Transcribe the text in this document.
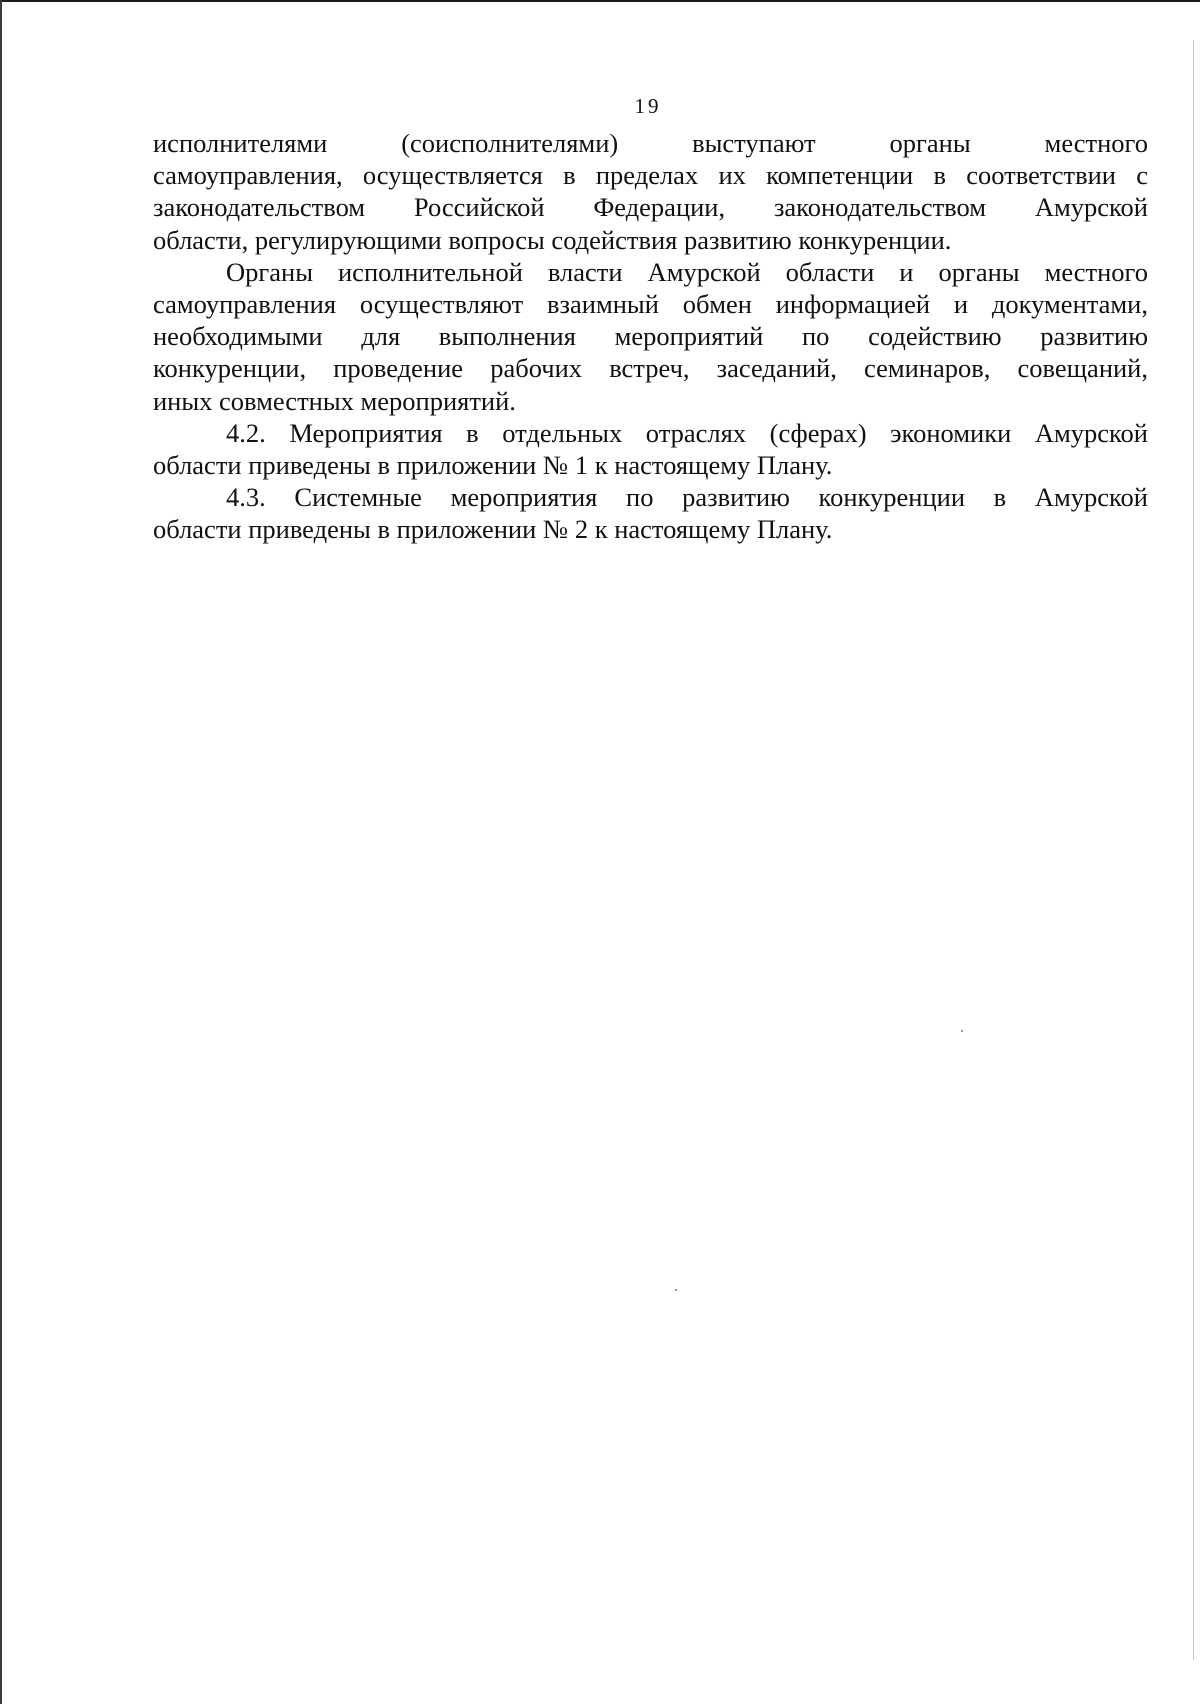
19
исполнителями (соисполнителями) выступают органы местного
самоуправления, осуществляется в пределах их компетенции в соответствии с
законодательством Российской Федерации, законодательством Амурской
области, регулирующими вопросы содействия развитию конкуренции.
Органы исполнительной власти Амурской области и органы местного
самоуправления осуществляют взаимный обмен информацией и документами,
необходимыми для выполнения мероприятий по содействию развитию
конкуренции, проведение рабочих встреч, заседаний, семинаров, совещаний,
иных совместных мероприятий.
4.2. Мероприятия в отдельных отраслях (сферах) экономики Амурской
области приведены в приложении № 1 к настоящему Плану.
4.3. Системные мероприятия по развитию конкуренции в Амурской
области приведены в приложении № 2 к настоящему Плану.
